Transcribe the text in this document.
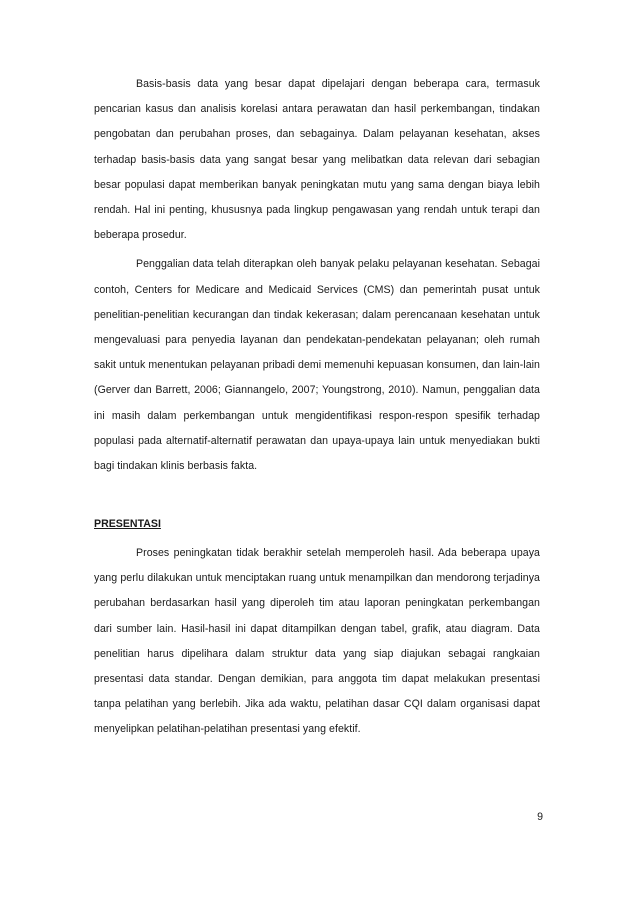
Basis-basis data yang besar dapat dipelajari dengan beberapa cara, termasuk pencarian kasus dan analisis korelasi antara perawatan dan hasil perkembangan, tindakan pengobatan dan perubahan proses, dan sebagainya. Dalam pelayanan kesehatan, akses terhadap basis-basis data yang sangat besar yang melibatkan data relevan dari sebagian besar populasi dapat memberikan banyak peningkatan mutu yang sama dengan biaya lebih rendah. Hal ini penting, khususnya pada lingkup pengawasan yang rendah untuk terapi dan beberapa prosedur.

Penggalian data telah diterapkan oleh banyak pelaku pelayanan kesehatan. Sebagai contoh, Centers for Medicare and Medicaid Services (CMS) dan pemerintah pusat untuk penelitian-penelitian kecurangan dan tindak kekerasan; dalam perencanaan kesehatan untuk mengevaluasi para penyedia layanan dan pendekatan-pendekatan pelayanan; oleh rumah sakit untuk menentukan pelayanan pribadi demi memenuhi kepuasan konsumen, dan lain-lain (Gerver dan Barrett, 2006; Giannangelo, 2007; Youngstrong, 2010). Namun, penggalian data ini masih dalam perkembangan untuk mengidentifikasi respon-respon spesifik terhadap populasi pada alternatif-alternatif perawatan dan upaya-upaya lain untuk menyediakan bukti bagi tindakan klinis berbasis fakta.

PRESENTASI

Proses peningkatan tidak berakhir setelah memperoleh hasil. Ada beberapa upaya yang perlu dilakukan untuk menciptakan ruang untuk menampilkan dan mendorong terjadinya perubahan berdasarkan hasil yang diperoleh tim atau laporan peningkatan perkembangan dari sumber lain. Hasil-hasil ini dapat ditampilkan dengan tabel, grafik, atau diagram. Data penelitian harus dipelihara dalam struktur data yang siap diajukan sebagai rangkaian presentasi data standar. Dengan demikian, para anggota tim dapat melakukan presentasi tanpa pelatihan yang berlebih. Jika ada waktu, pelatihan dasar CQI dalam organisasi dapat menyelipkan pelatihan-pelatihan presentasi yang efektif.

9
